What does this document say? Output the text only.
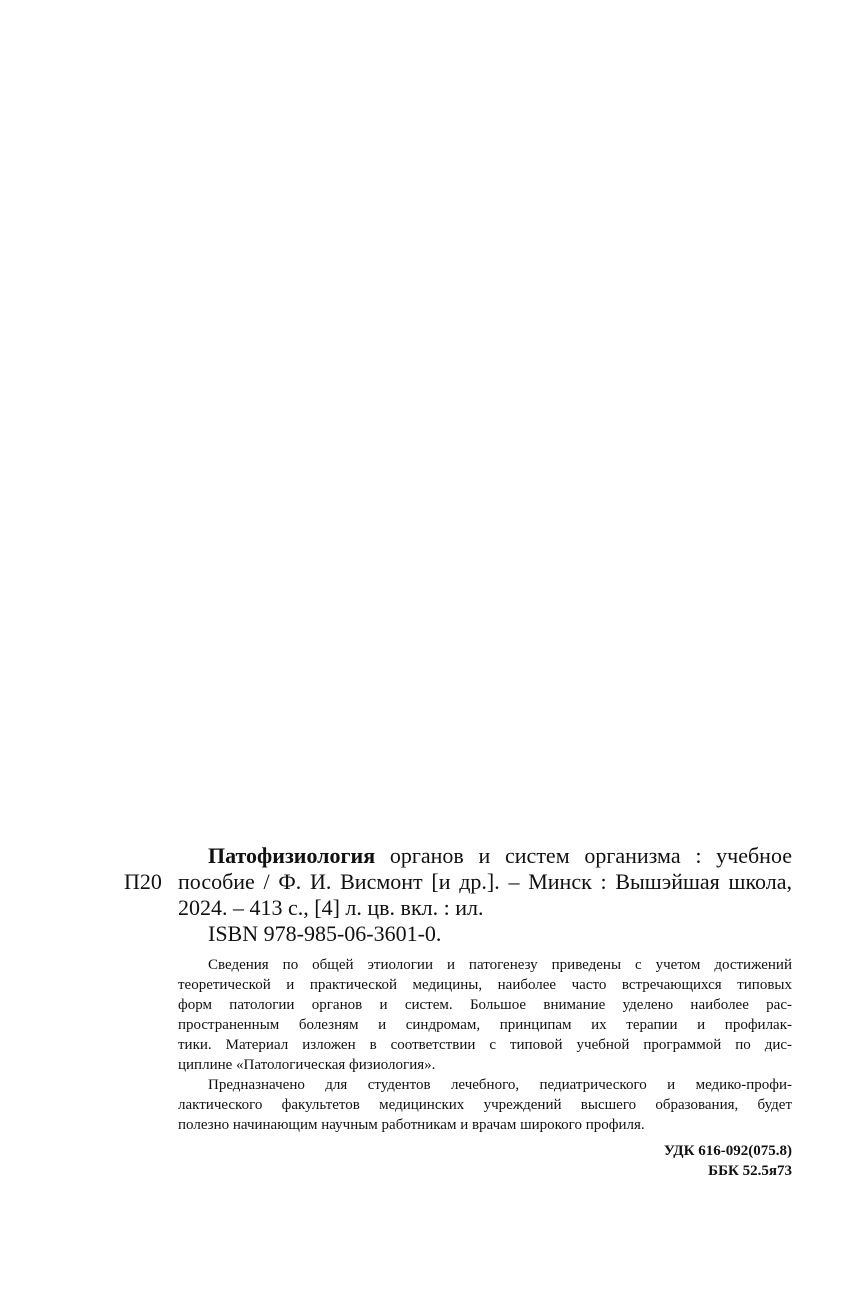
П20
Патофизиология органов и систем организма : учебное
пособие / Ф. И. Висмонт [и др.]. – Минск : Вышэйшая школа,
2024. – 413 с., [4] л. цв. вкл. : ил.
ISBN 978-985-06-3601-0.
Сведения по общей этиологии и патогенезу приведены с учетом достижений
теоретической и практической медицины, наиболее часто встречающихся типовых
форм патологии органов и систем. Большое внимание уделено наиболее рас-
пространенным болезням и синдромам, принципам их терапии и профилак-
тики. Материал изложен в соответствии с типовой учебной программой по дис-
циплине «Патологическая физиология».
Предназначено для студентов лечебного, педиатрического и медико-профи-
лактического факультетов медицинских учреждений высшего образования, будет
полезно начинающим научным работникам и врачам широкого профиля.
УДК 616-092(075.8)
ББК 52.5я73
